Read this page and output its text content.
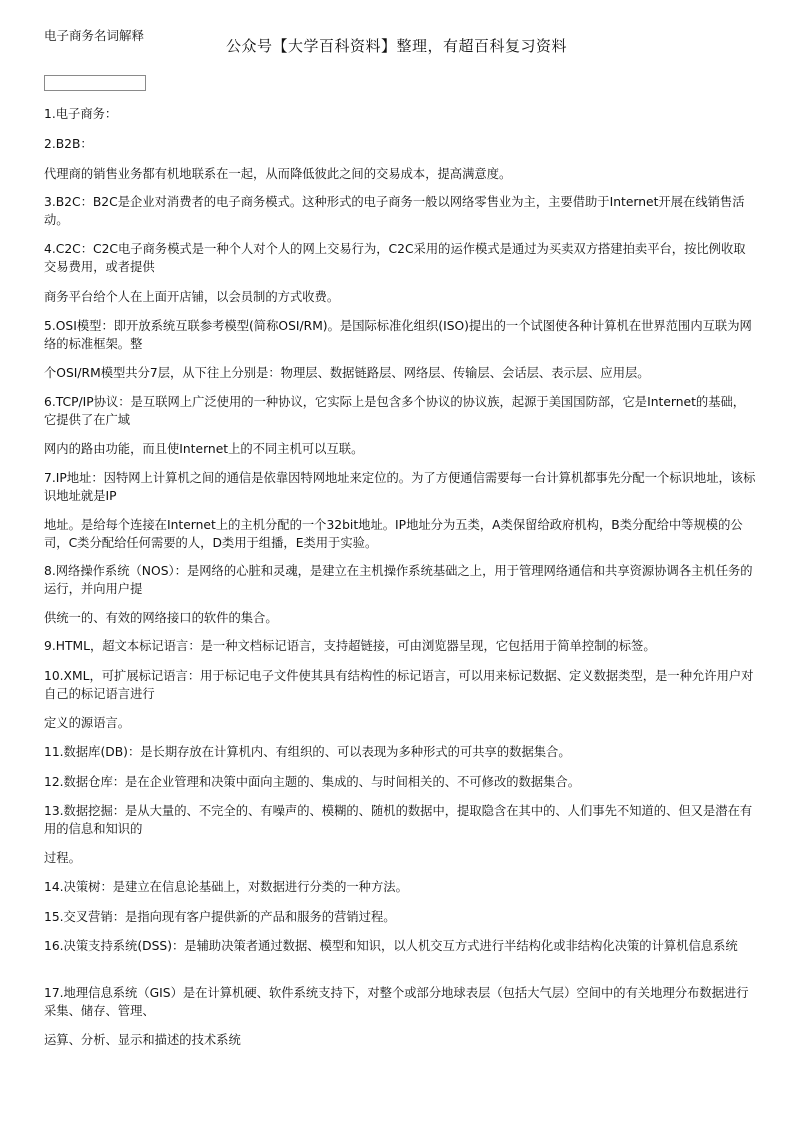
电子商务名词解释
公众号【大学百科资料】整理，有超百科复习资料
1.电子商务：
2.B2B：
代理商的销售业务都有机地联系在一起，从而降低彼此之间的交易成本，提高满意度。
3.B2C：B2C是企业对消费者的电子商务模式。这种形式的电子商务一般以网络零售业为主，主要借助于Internet开展在线销售活动。
4.C2C：C2C电子商务模式是一种个人对个人的网上交易行为，C2C采用的运作模式是通过为买卖双方搭建拍卖平台，按比例收取交易费用，或者提供
商务平台给个人在上面开店铺，以会员制的方式收费。
5.OSI模型：即开放系统互联参考模型(简称OSI/RM)。是国际标准化组织(ISO)提出的一个试图使各种计算机在世界范围内互联为网络的标准框架。整
个OSI/RM模型共分7层，从下往上分别是：物理层、数据链路层、网络层、传输层、会话层、表示层、应用层。
6.TCP/IP协议：是互联网上广泛使用的一种协议，它实际上是包含多个协议的协议族，起源于美国国防部，它是Internet的基础，它提供了在广域
网内的路由功能，而且使Internet上的不同主机可以互联。
7.IP地址：因特网上计算机之间的通信是依靠因特网地址来定位的。为了方便通信需要每一台计算机都事先分配一个标识地址，该标识地址就是IP
地址。是给每个连接在Internet上的主机分配的一个32bit地址。IP地址分为五类，A类保留给政府机构，B类分配给中等规模的公司，C类分配给任何需要的人，D类用于组播，E类用于实验。
8.网络操作系统（NOS）：是网络的心脏和灵魂，是建立在主机操作系统基础之上，用于管理网络通信和共享资源协调各主机任务的运行，并向用户提
供统一的、有效的网络接口的软件的集合。
9.HTML，超文本标记语言：是一种文档标记语言，支持超链接，可由浏览器呈现，它包括用于简单控制的标签。
10.XML，可扩展标记语言：用于标记电子文件使其具有结构性的标记语言，可以用来标记数据、定义数据类型，是一种允许用户对自己的标记语言进行
定义的源语言。
11.数据库(DB)：是长期存放在计算机内、有组织的、可以表现为多种形式的可共享的数据集合。
12.数据仓库：是在企业管理和决策中面向主题的、集成的、与时间相关的、不可修改的数据集合。
13.数据挖掘：是从大量的、不完全的、有噪声的、模糊的、随机的数据中，提取隐含在其中的、人们事先不知道的、但又是潜在有用的信息和知识的
过程。
14.决策树：是建立在信息论基础上，对数据进行分类的一种方法。
15.交叉营销：是指向现有客户提供新的产品和服务的营销过程。
16.决策支持系统(DSS)：是辅助决策者通过数据、模型和知识，以人机交互方式进行半结构化或非结构化决策的计算机信息系统
17.地理信息系统（GIS）是在计算机硬、软件系统支持下，对整个或部分地球表层（包括大气层）空间中的有关地理分布数据进行采集、储存、管理、
运算、分析、显示和描述的技术系统
